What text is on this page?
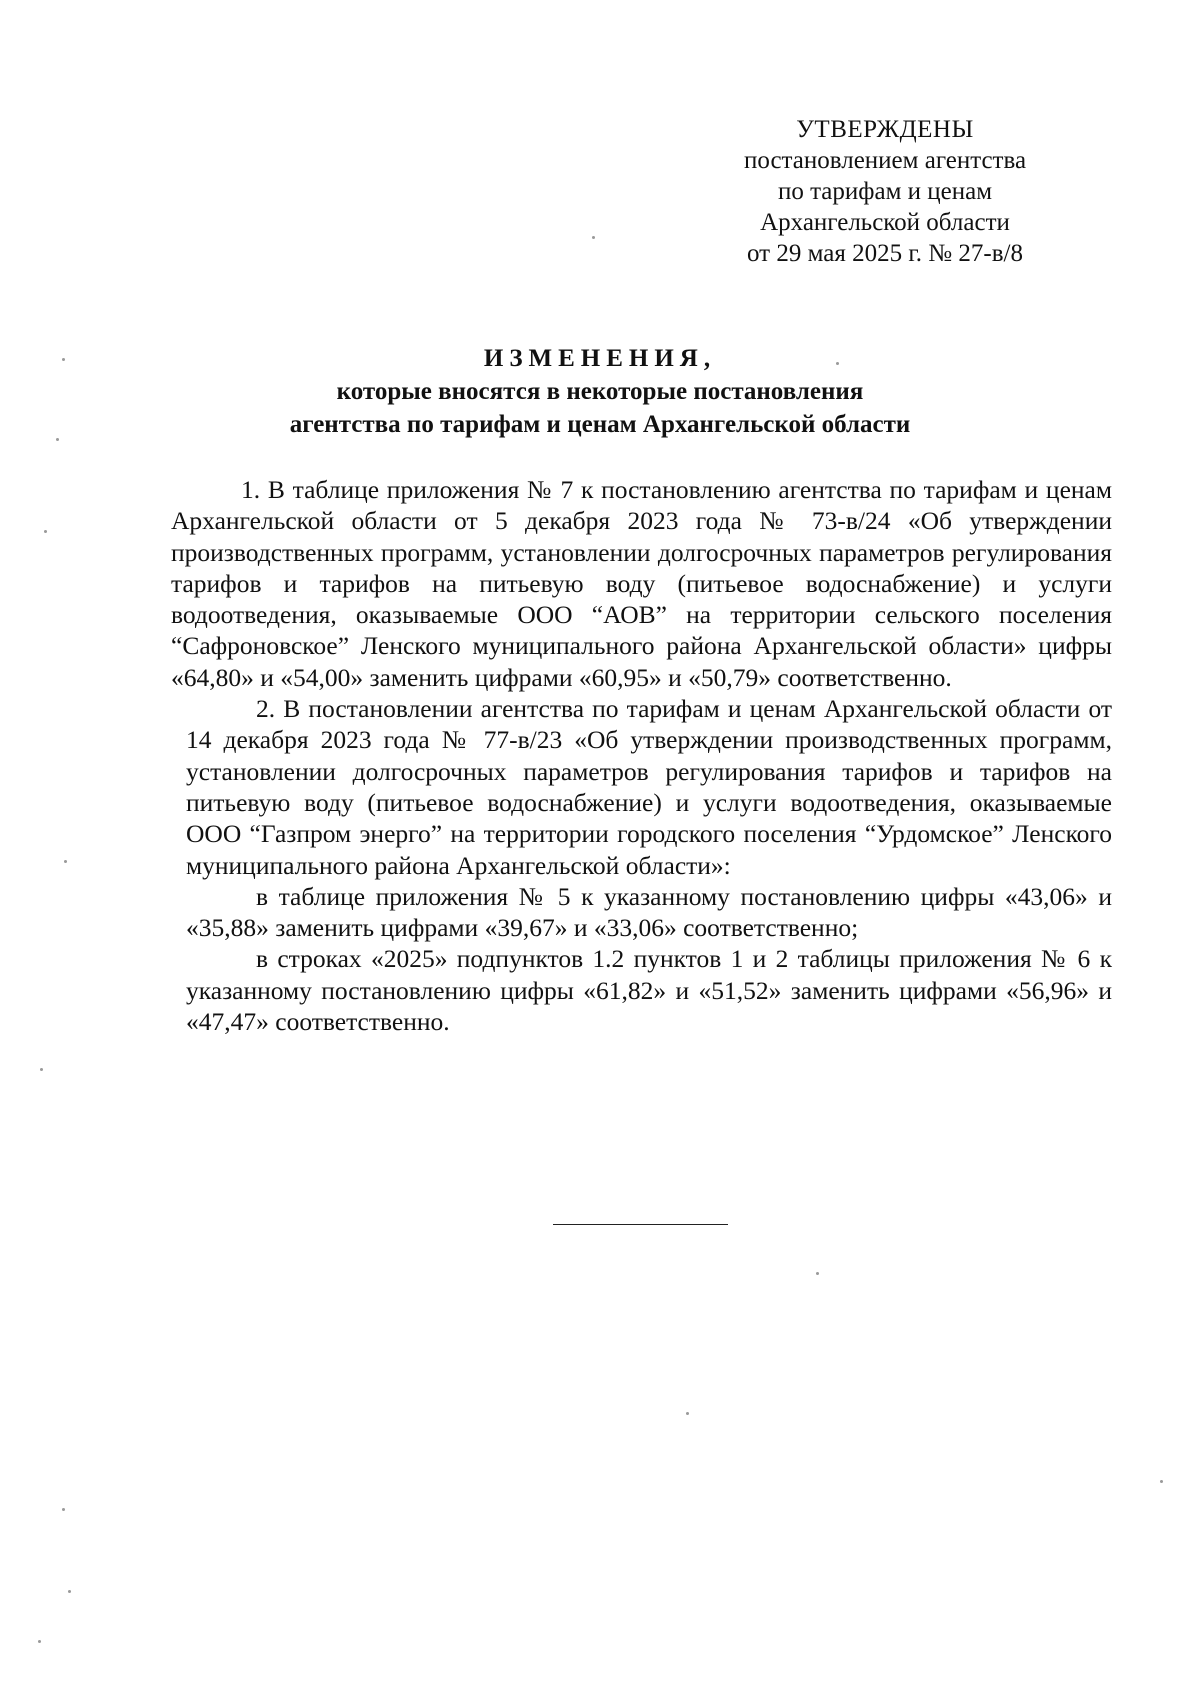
УТВЕРЖДЕНЫ
постановлением агентства
по тарифам и ценам
Архангельской области
от 29 мая 2025 г. № 27-в/8
ИЗМЕНЕНИЯ,
которые вносятся в некоторые постановления
агентства по тарифам и ценам Архангельской области

1. В таблице приложения № 7 к постановлению агентства по тарифам и ценам Архангельской области от 5 декабря 2023 года № 73-в/24 «Об утверждении производственных программ, установлении долгосрочных параметров регулирования тарифов и тарифов на питьевую воду (питьевое водоснабжение) и услуги водоотведения, оказываемые ООО “АОВ” на территории сельского поселения “Сафроновское” Ленского муниципального района Архангельской области» цифры «64,80» и «54,00» заменить цифрами «60,95» и «50,79» соответственно.

2. В постановлении агентства по тарифам и ценам Архангельской области от 14 декабря 2023 года № 77-в/23 «Об утверждении производственных программ, установлении долгосрочных параметров регулирования тарифов и тарифов на питьевую воду (питьевое водоснабжение) и услуги водоотведения, оказываемые ООО “Газпром энерго” на территории городского поселения “Урдомское” Ленского муниципального района Архангельской области»:

в таблице приложения № 5 к указанному постановлению цифры «43,06» и «35,88» заменить цифрами «39,67» и «33,06» соответственно;

в строках «2025» подпунктов 1.2 пунктов 1 и 2 таблицы приложения № 6 к указанному постановлению цифры «61,82» и «51,52» заменить цифрами «56,96» и «47,47» соответственно.
